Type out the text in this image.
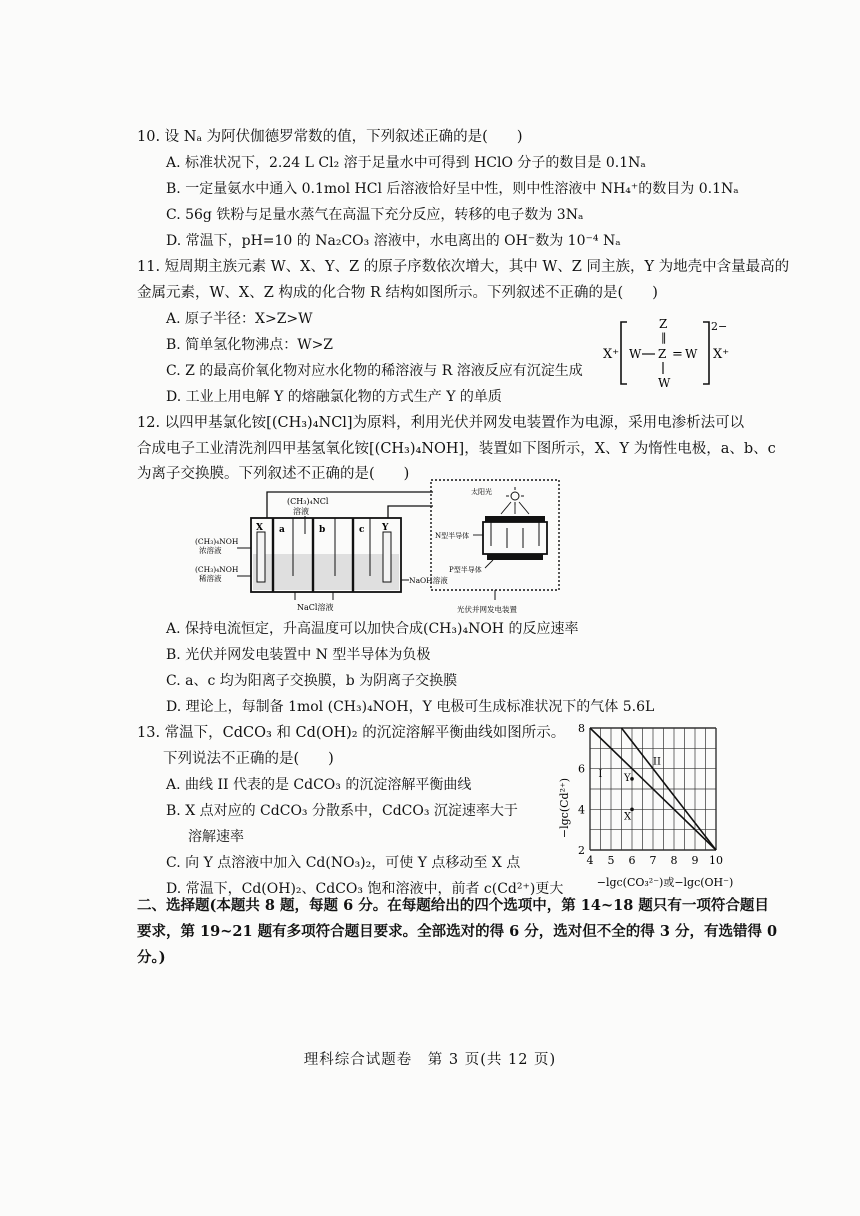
10. 设 Nₐ 为阿伏伽德罗常数的值，下列叙述正确的是(　　)
A. 标准状况下，2.24 L Cl₂ 溶于足量水中可得到 HClO 分子的数目是 0.1Nₐ
B. 一定量氨水中通入 0.1mol HCl 后溶液恰好呈中性，则中性溶液中 NH₄⁺的数目为 0.1Nₐ
C. 56g 铁粉与足量水蒸气在高温下充分反应，转移的电子数为 3Nₐ
D. 常温下，pH=10 的 Na₂CO₃ 溶液中，水电离出的 OH⁻数为 10⁻⁴ Nₐ
11. 短周期主族元素 W、X、Y、Z 的原子序数依次增大，其中 W、Z 同主族，Y 为地壳中含量最高的
金属元素，W、X、Z 构成的化合物 R 结构如图所示。下列叙述不正确的是(　　)
A. 原子半径：X>Z>W
B. 简单氢化物沸点：W>Z
C. Z 的最高价氧化物对应水化物的稀溶液与 R 溶液反应有沉淀生成
D. 工业上用电解 Y 的熔融氯化物的方式生产 Y 的单质
X⁺
2−
X⁺
Z
‖
W Z = W
W
12. 以四甲基氯化铵[(CH₃)₄NCl]为原料，利用光伏并网发电装置作为电源，采用电渗析法可以
合成电子工业清洗剂四甲基氢氧化铵[(CH₃)₄NOH]，装置如下图所示，X、Y 为惰性电极，a、b、c
为离子交换膜。下列叙述不正确的是(　　)
(CH₃)₄NCl
溶液
X	Y
a	b	c
NaCl溶液
(CH₃)₄NOH
浓溶液
(CH₃)₄NOH
稀溶液	NaOH溶液
太阳光
N型半导体
P型半导体
光伏并网发电装置
A. 保持电流恒定，升高温度可以加快合成(CH₃)₄NOH 的反应速率
B. 光伏并网发电装置中 N 型半导体为负极
C. a、c 均为阳离子交换膜，b 为阴离子交换膜
D. 理论上，每制备 1mol (CH₃)₄NOH，Y 电极可生成标准状况下的气体 5.6L
13. 常温下，CdCO₃ 和 Cd(OH)₂ 的沉淀溶解平衡曲线如图所示。
下列说法不正确的是(　　)
A. 曲线 II 代表的是 CdCO₃ 的沉淀溶解平衡曲线
B. X 点对应的 CdCO₃ 分散系中，CdCO₃ 沉淀速率大于
溶解速率
C. 向 Y 点溶液中加入 Cd(NO₃)₂，可使 Y 点移动至 X 点
D. 常温下，Cd(OH)₂、CdCO₃ 饱和溶液中，前者 c(Cd²⁺)更大
I
II
X
Y
4 5 6 7 8 9 10
2
4
6
8
−lgc(Cd²⁺)
−lgc(CO₃²⁻)或−lgc(OH⁻)
二、选择题(本题共 8 题，每题 6 分。在每题给出的四个选项中，第 14~18 题只有一项符合题目
要求，第 19~21 题有多项符合题目要求。全部选对的得 6 分，选对但不全的得 3 分，有选错得 0
分。)
理科综合试题卷　第 3 页(共 12 页)
